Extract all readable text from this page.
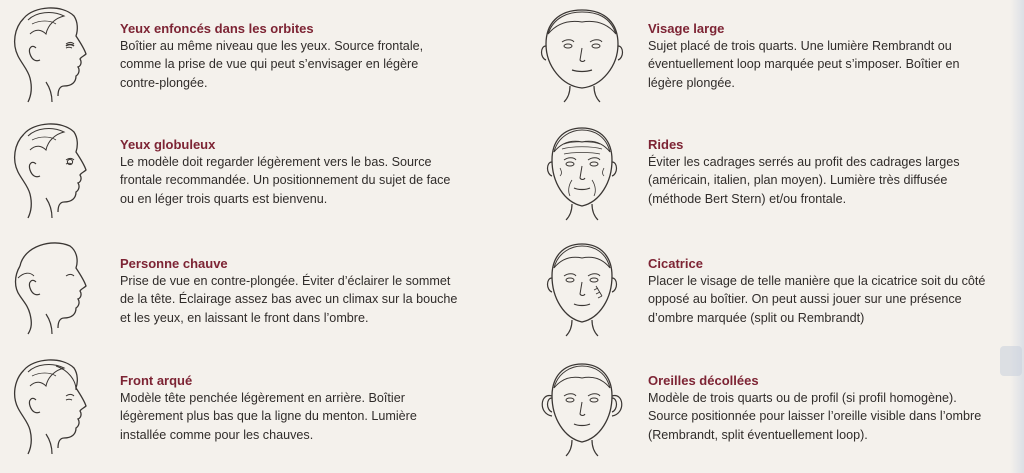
Yeux enfoncés dans les orbites

Boîtier au même niveau que les yeux. Source frontale,
comme la prise de vue qui peut s’envisager en légère
contre-plongée.

Yeux globuleux

Le modèle doit regarder légèrement vers le bas. Source
frontale recommandée. Un positionnement du sujet de face
ou en léger trois quarts est bienvenu.

Personne chauve

Prise de vue en contre-plongée. Éviter d’éclairer le sommet
de la tête. Éclairage assez bas avec un climax sur la bouche
et les yeux, en laissant le front dans l’ombre.

Front arqué

Modèle tête penchée légèrement en arrière. Boîtier
légèrement plus bas que la ligne du menton. Lumière
installée comme pour les chauves.

Visage large

Sujet placé de trois quarts. Une lumière Rembrandt ou
éventuellement loop marquée peut s’imposer. Boîtier en
légère plongée.

Rides

Éviter les cadrages serrés au profit des cadrages larges
(américain, italien, plan moyen). Lumière très diffusée
(méthode Bert Stern) et/ou frontale.

Cicatrice

Placer le visage de telle manière que la cicatrice soit du côté
opposé au boîtier. On peut aussi jouer sur une présence
d’ombre marquée (split ou Rembrandt)

Oreilles décollées

Modèle de trois quarts ou de profil (si profil homogène).
Source positionnée pour laisser l’oreille visible dans l’ombre
(Rembrandt, split éventuellement loop).
